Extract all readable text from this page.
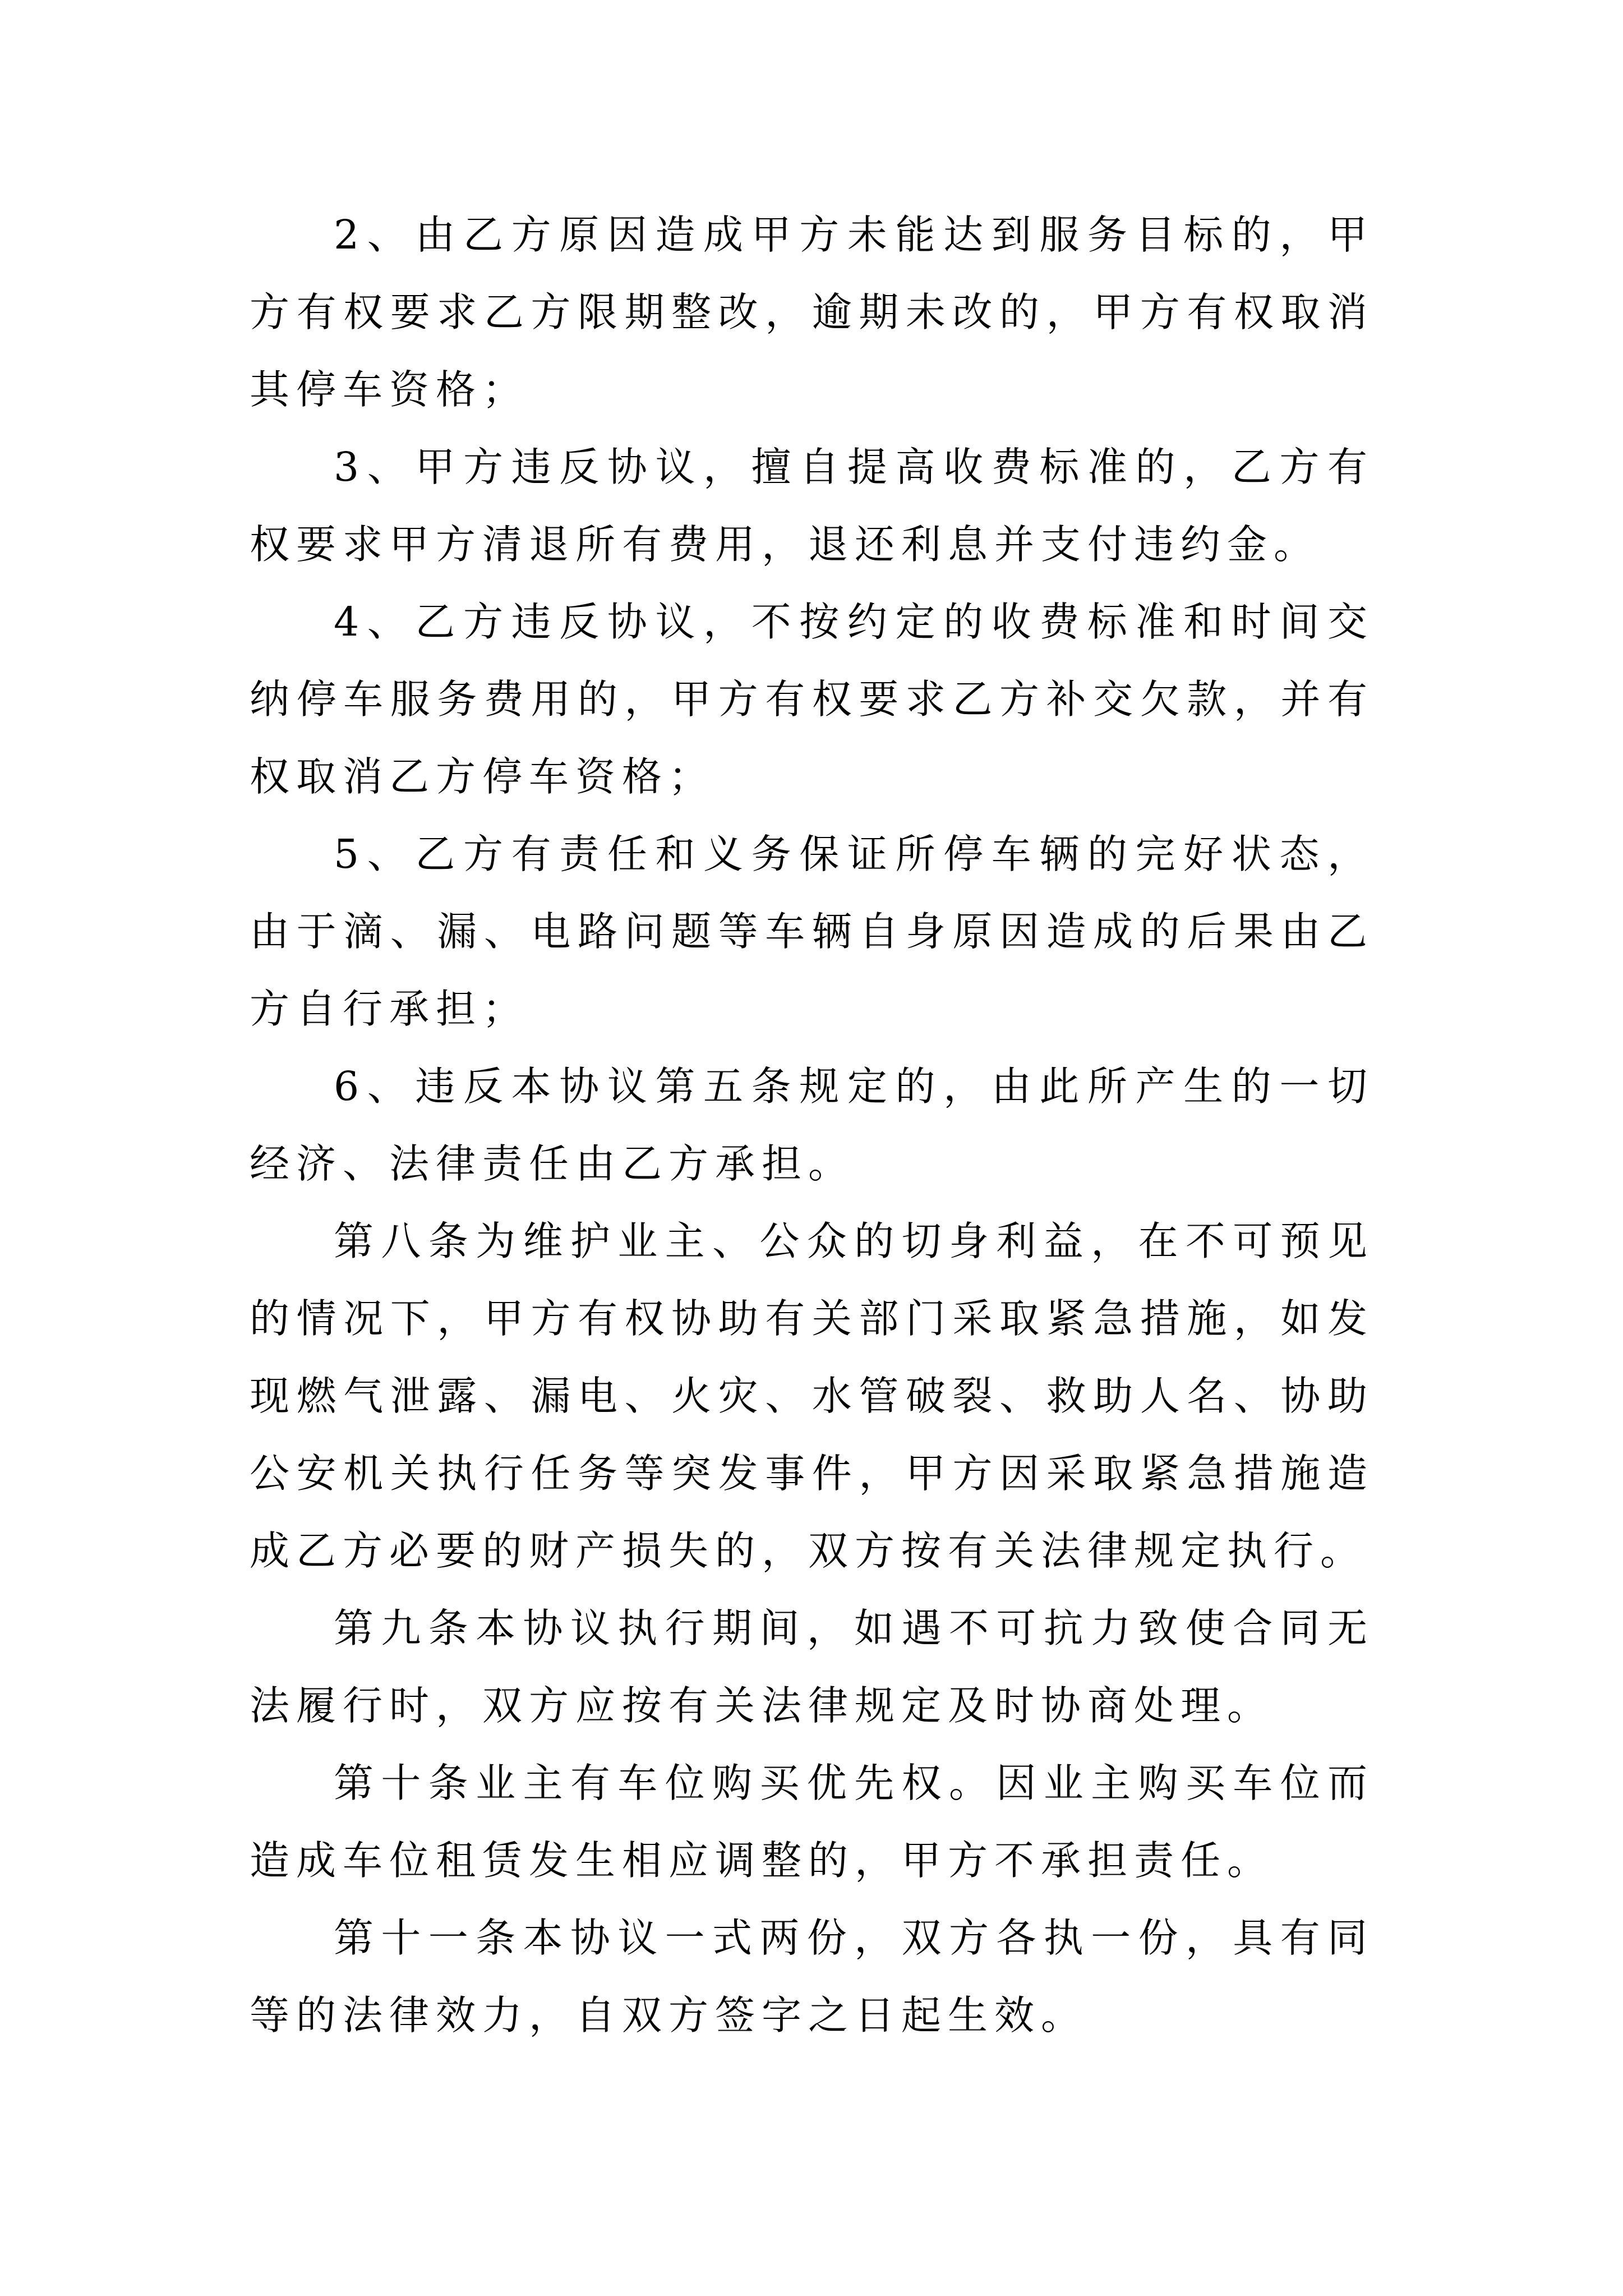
2、由乙方原因造成甲方未能达到服务目标的，甲方有权要求乙方限期整改，逾期未改的，甲方有权取消其停车资格；

3、甲方违反协议，擅自提高收费标准的，乙方有权要求甲方清退所有费用，退还利息并支付违约金。

4、乙方违反协议，不按约定的收费标准和时间交纳停车服务费用的，甲方有权要求乙方补交欠款，并有权取消乙方停车资格；

5、乙方有责任和义务保证所停车辆的完好状态，由于滴、漏、电路问题等车辆自身原因造成的后果由乙方自行承担；

6、违反本协议第五条规定的，由此所产生的一切经济、法律责任由乙方承担。

第八条为维护业主、公众的切身利益，在不可预见的情况下，甲方有权协助有关部门采取紧急措施，如发现燃气泄露、漏电、火灾、水管破裂、救助人名、协助公安机关执行任务等突发事件，甲方因采取紧急措施造成乙方必要的财产损失的，双方按有关法律规定执行。

第九条本协议执行期间，如遇不可抗力致使合同无法履行时，双方应按有关法律规定及时协商处理。

第十条业主有车位购买优先权。因业主购买车位而造成车位租赁发生相应调整的，甲方不承担责任。

第十一条本协议一式两份，双方各执一份，具有同等的法律效力，自双方签字之日起生效。
